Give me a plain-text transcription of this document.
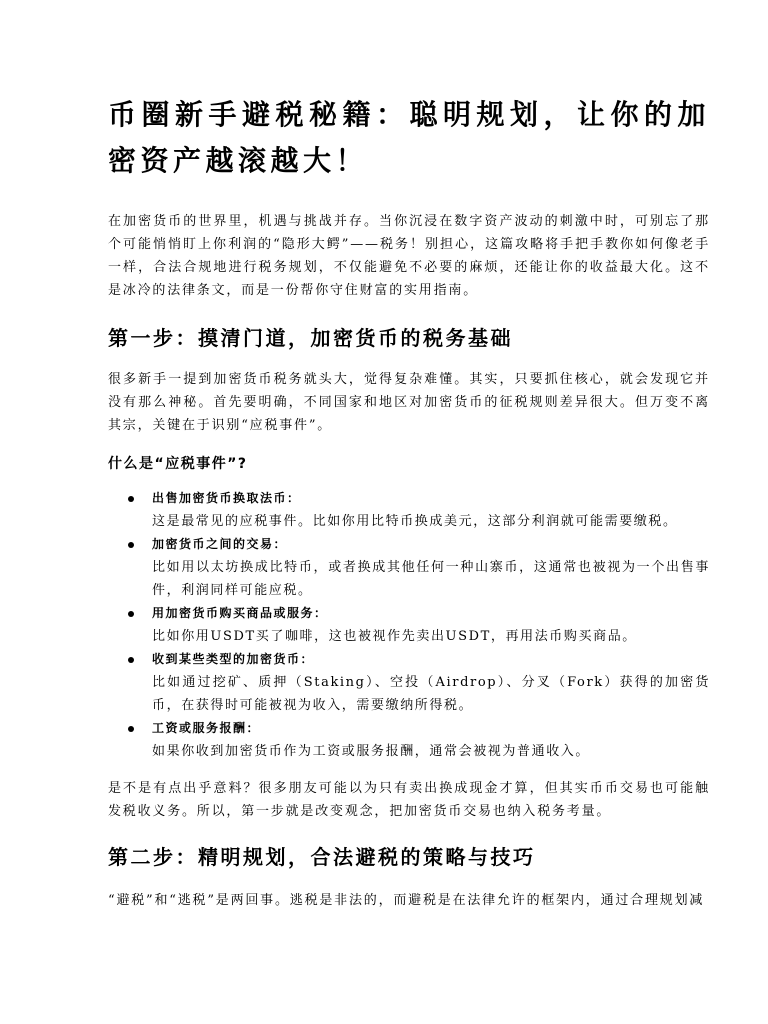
币圈新手避税秘籍：聪明规划，让你的加密资产越滚越大！

在加密货币的世界里，机遇与挑战并存。当你沉浸在数字资产波动的刺激中时，可别忘了那个可能悄悄盯上你利润的“隐形大鳄”——税务！别担心，这篇攻略将手把手教你如何像老手一样，合法合规地进行税务规划，不仅能避免不必要的麻烦，还能让你的收益最大化。这不是冰冷的法律条文，而是一份帮你守住财富的实用指南。

第一步：摸清门道，加密货币的税务基础

很多新手一提到加密货币税务就头大，觉得复杂难懂。其实，只要抓住核心，就会发现它并没有那么神秘。首先要明确，不同国家和地区对加密货币的征税规则差异很大。但万变不离其宗，关键在于识别“应税事件”。

什么是“应税事件”?
出售加密货币换取法币：
这是最常见的应税事件。比如你用比特币换成美元，这部分利润就可能需要缴税。
加密货币之间的交易：
比如用以太坊换成比特币，或者换成其他任何一种山寨币，这通常也被视为一个出售事件，利润同样可能应税。
用加密货币购买商品或服务：
比如你用USDT买了咖啡，这也被视作先卖出USDT，再用法币购买商品。
收到某些类型的加密货币：
比如通过挖矿、质押（Staking）、空投（Airdrop）、分叉（Fork）获得的加密货币，在获得时可能被视为收入，需要缴纳所得税。
工资或服务报酬：
如果你收到加密货币作为工资或服务报酬，通常会被视为普通收入。

是不是有点出乎意料？很多朋友可能以为只有卖出换成现金才算，但其实币币交易也可能触发税收义务。所以，第一步就是改变观念，把加密货币交易也纳入税务考量。

第二步：精明规划，合法避税的策略与技巧

“避税”和“逃税”是两回事。逃税是非法的，而避税是在法律允许的框架内，通过合理规划减
